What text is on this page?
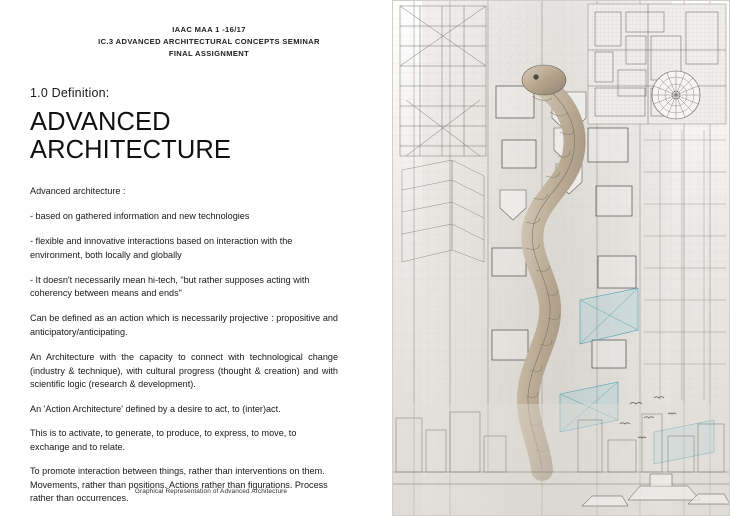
IAAC MAA 1 -16/17
IC.3 ADVANCED ARCHITECTURAL CONCEPTS SEMINAR
FINAL ASSIGNMENT
1.0 Definition:
ADVANCED
ARCHITECTURE

Advanced architecture :

- based on gathered information and new technologies

- flexible and innovative interactions based on interaction with the environment, both locally and globally

- It doesn't necessarily mean hi-tech, "but rather supposes acting with coherency between means and ends"

Can be defined as an action which is necessarily projective : propositive and anticipatory/anticipating.

An Architecture with the capacity to connect with technological change (industry & technique), with cultural progress (thought & creation) and with scientific logic (research & development).

An 'Action Architecture' defined by a desire to act, to (inter)act.

This is to activate, to generate, to produce, to express, to move, to exchange and to relate.

To promote interaction between things, rather than interventions on them. Movements, rather than positions. Actions rather than figurations. Process rather than occurrences.

Graphical Representation of Advanced Architecture
